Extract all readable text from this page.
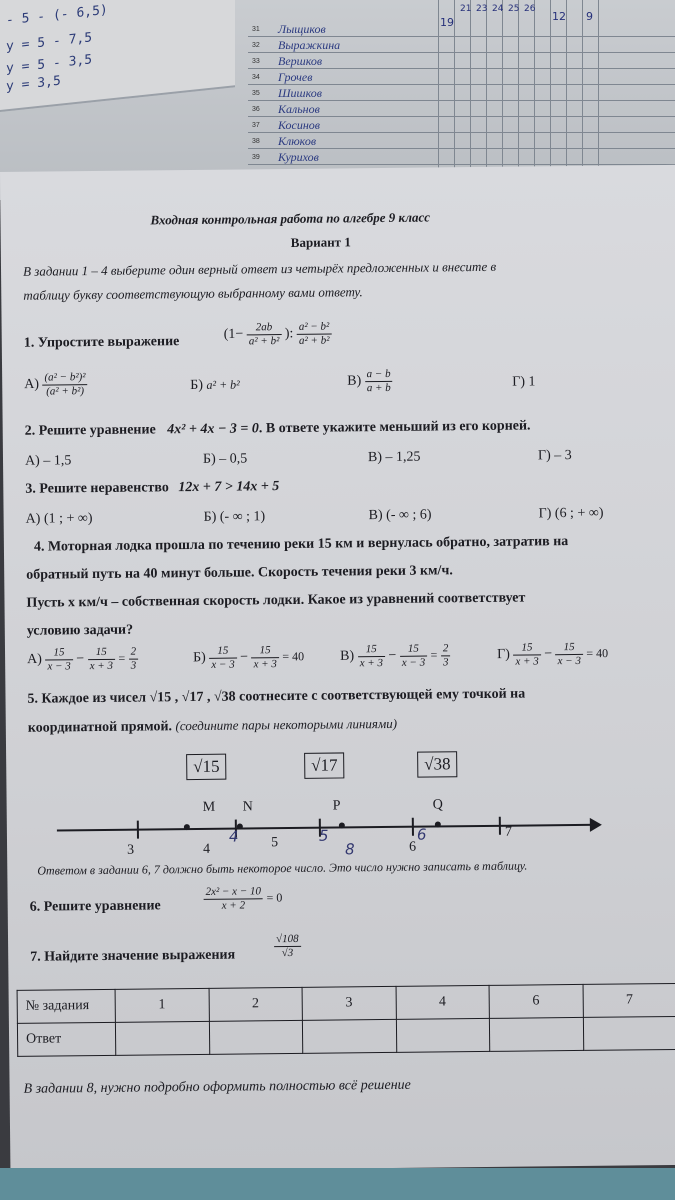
- 5 - (- 6,5)
y = 5 - 7,5
y = 5 - 3,5
y = 3,5
19
21 23 24 25 26
12 9
31 Лыщиков
32 Выражкина
33 Вершков
34 Грочев
35 Шишков
36 Кальнов
37 Косинов
38 Клюков
39 Курихов
Входная контрольная работа по алгебре 9 класс
Вариант 1
В задании 1 – 4 выберите один верный ответ из четырёх предложенных и внесите в
таблицу букву соответствующую выбранному вами ответу.
1. Упростите выражение	($1- \frac{2ab}{\text{a² + b²}}$ ): $\frac{\text{a² − b²}}{\text{a² + b²}}$
$А) \frac{\text{(a² − b²)²}}{\text{(a² + b²)}}$	Б) a² + b²	$В) \frac{a - b}{a + b}$	Г) 1
2. Решите уравнение 4x² + 4x − 3 = 0. В ответе укажите меньший из его корней.
А) – 1,5	Б) – 0,5	В) – 1,25	Г) – 3
3. Решите неравенство 12x + 7 > 14x + 5
А) (1 ; + ∞)	Б) (- ∞ ; 1)	В) (- ∞ ; 6)	Г) (6 ; + ∞)
4. Моторная лодка прошла по течению реки 15 км и вернулась обратно, затратив на
обратный путь на 40 минут больше. Скорость течения реки 3 км/ч.
Пусть х км/ч – собственная скорость лодки. Какое из уравнений соответствует
условию задачи?
$А) \frac{15}{x - 3} - \frac{15}{x + 3} = \frac{2}{3}$	$Б) \frac{15}{x - 3} - \frac{15}{x + 3} = 40$	$В) \frac{15}{x + 3} - \frac{15}{x - 3} = \frac{2}{3}$	$Г) \frac{15}{x + 3} - \frac{15}{x - 3} = 40$
5. Каждое из чисел √15 , √17 , √38 соотнесите с соответствующей ему точкой на
координатной прямой. (соедините пары некоторыми линиями)
√15	√17	√38
M N	P	Q
3	4	5	6
7
4	5
8
6
Ответом в задании 6, 7 должно быть некоторое число. Это число нужно записать в таблицу.
6. Решите уравнение	$\frac{\text{2x² − x − 10}}{x + 2} = 0$
7. Найдите значение выражения	$\frac{√108}{√3}$
№ задания	1	2	3	4	6	7
Ответ						
В задании 8, нужно подробно оформить полностью всё решение
